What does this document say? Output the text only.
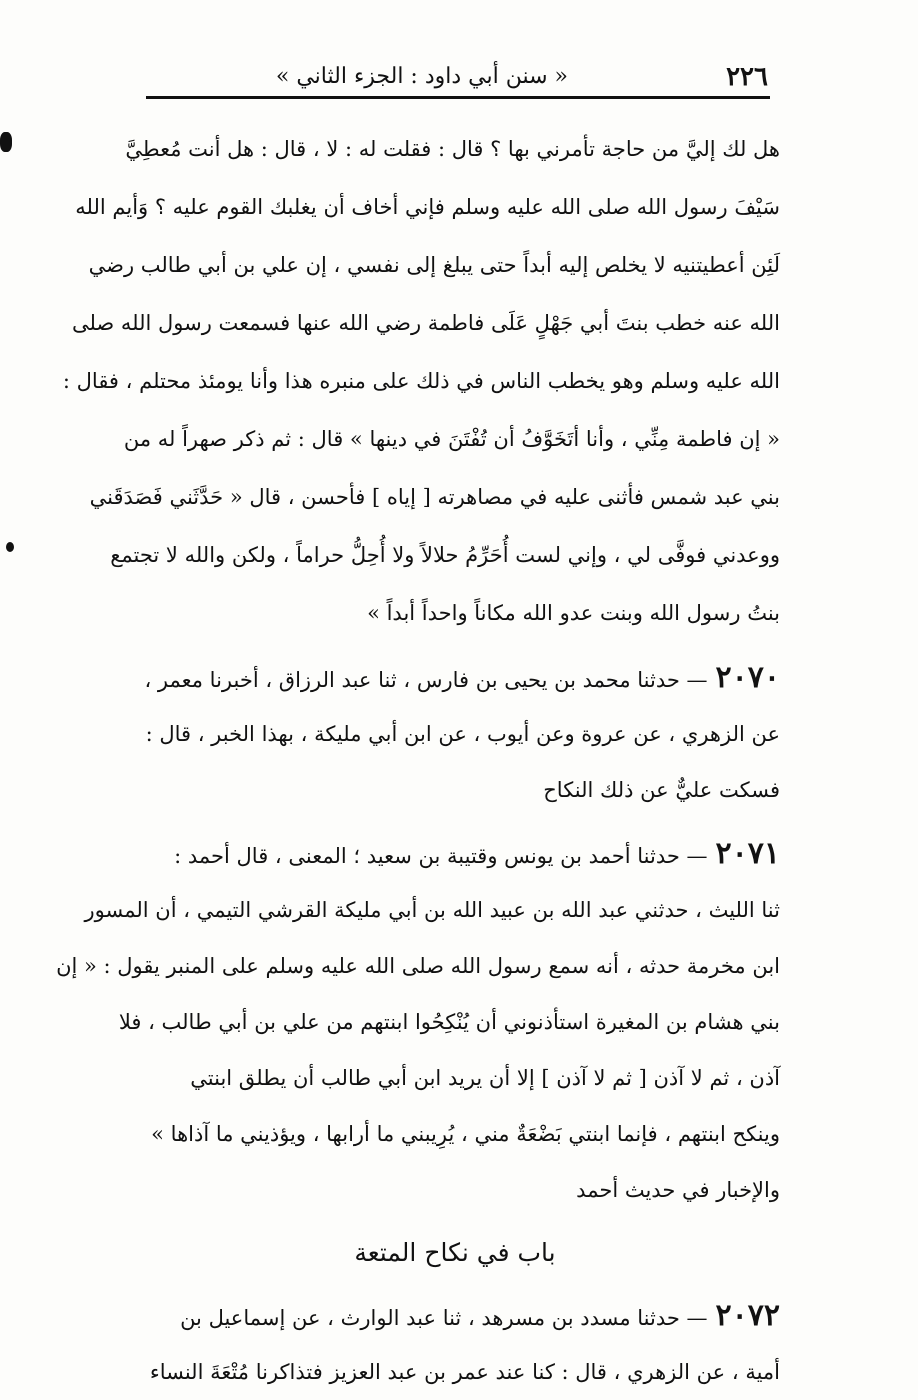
٢٢٦
« سنن أبي داود : الجزء الثاني »
هل لك إليَّ من حاجة تأمرني بها ؟ قال : فقلت له : لا ، قال : هل أنت مُعطِيَّ
سَيْفَ رسول الله صلى الله عليه وسلم فإني أخاف أن يغلبك القوم عليه ؟ وَأيم الله
لَئِن أعطيتنيه لا يخلص إليه أبداً حتى يبلغ إلى نفسي ، إن علي بن أبي طالب رضي
الله عنه خطب بنتَ أبي جَهْلٍ عَلَى فاطمة رضي الله عنها فسمعت رسول الله صلى
الله عليه وسلم وهو يخطب الناس في ذلك على منبره هذا وأنا يومئذ محتلم ، فقال :
« إن فاطمة مِنِّي ، وأنا أتَخَوَّفُ أن تُفْتَنَ في دينها » قال : ثم ذكر صهراً له من
بني عبد شمس فأثنى عليه في مصاهرته [ إياه ] فأحسن ، قال « حَدَّثَني فَصَدَقَني
ووعدني فوفَّى لي ، وإني لست أُحَرِّمُ حلالاً ولا أُحِلُّ حراماً ، ولكن والله لا تجتمع
بنتُ رسول الله وبنت عدو الله مكاناً واحداً أبداً »
٢٠٧٠— حدثنا محمد بن يحيى بن فارس ، ثنا عبد الرزاق ، أخبرنا معمر ،
عن الزهري ، عن عروة وعن أيوب ، عن ابن أبي مليكة ، بهذا الخبر ، قال :
فسكت عليٌّ عن ذلك النكاح
٢٠٧١— حدثنا أحمد بن يونس وقتيبة بن سعيد ؛ المعنى ، قال أحمد :
ثنا الليث ، حدثني عبد الله بن عبيد الله بن أبي مليكة القرشي التيمي ، أن المسور
ابن مخرمة حدثه ، أنه سمع رسول الله صلى الله عليه وسلم على المنبر يقول : « إن
بني هشام بن المغيرة استأذنوني أن يُنْكِحُوا ابنتهم من علي بن أبي طالب ، فلا
آذن ، ثم لا آذن [ ثم لا آذن ] إلا أن يريد ابن أبي طالب أن يطلق ابنتي
وينكح ابنتهم ، فإنما ابنتي بَضْعَةٌ مني ، يُرِيبني ما أرابها ، ويؤذيني ما آذاها »
والإخبار في حديث أحمد
باب في نكاح المتعة
٢٠٧٢— حدثنا مسدد بن مسرهد ، ثنا عبد الوارث ، عن إسماعيل بن
أمية ، عن الزهري ، قال : كنا عند عمر بن عبد العزيز فتذاكرنا مُتْعَةَ النساء
